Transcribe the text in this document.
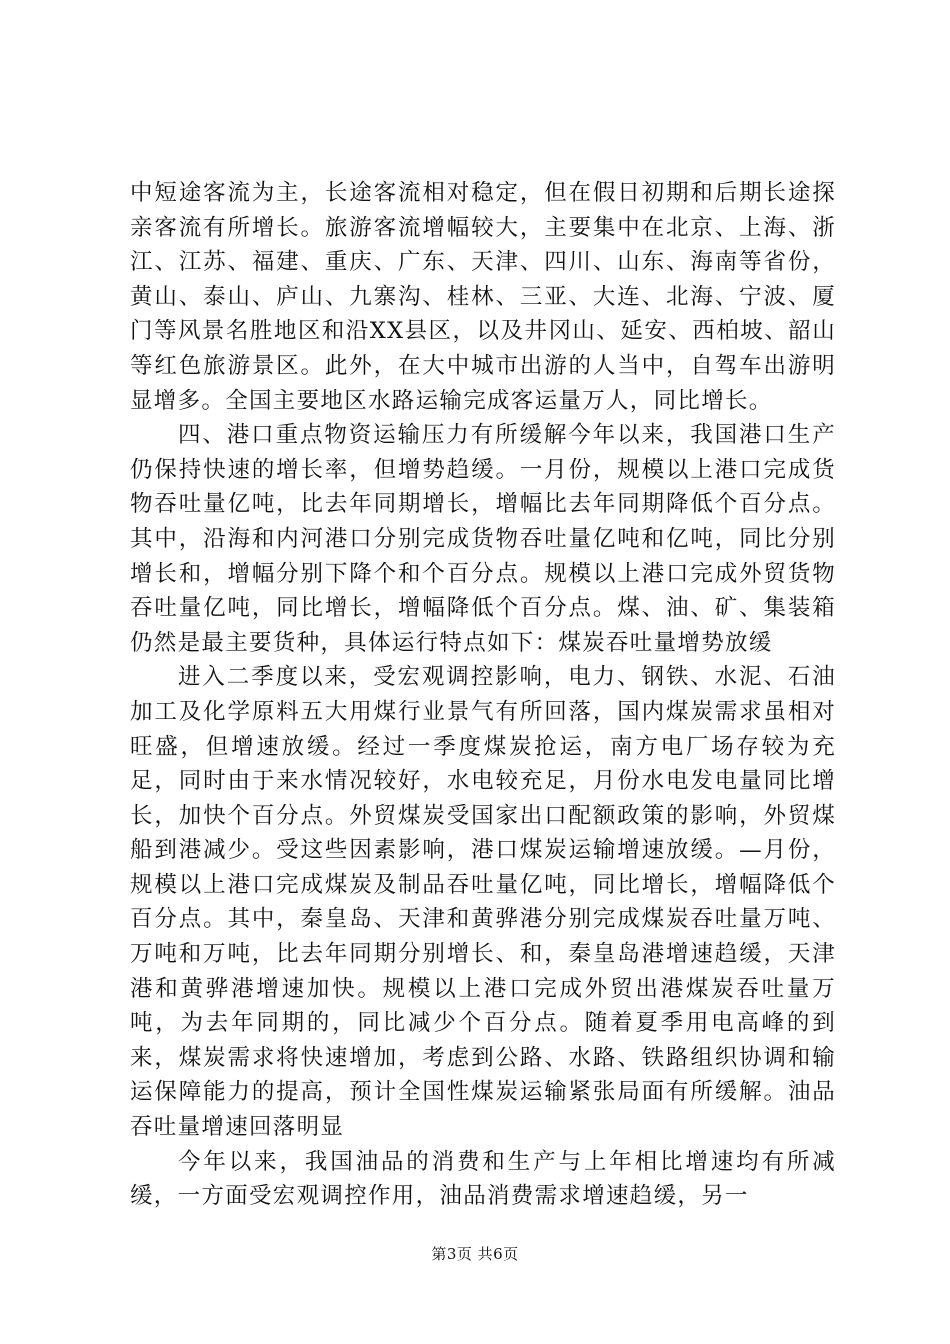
中短途客流为主，长途客流相对稳定，但在假日初期和后期长途探亲客流有所增长。旅游客流增幅较大，主要集中在北京、上海、浙江、江苏、福建、重庆、广东、天津、四川、山东、海南等省份，黄山、泰山、庐山、九寨沟、桂林、三亚、大连、北海、宁波、厦门等风景名胜地区和沿XX县区，以及井冈山、延安、西柏坡、韶山等红色旅游景区。此外，在大中城市出游的人当中，自驾车出游明显增多。全国主要地区水路运输完成客运量万人，同比增长。

四、港口重点物资运输压力有所缓解今年以来，我国港口生产仍保持快速的增长率，但增势趋缓。一月份，规模以上港口完成货物吞吐量亿吨，比去年同期增长，增幅比去年同期降低个百分点。其中，沿海和内河港口分别完成货物吞吐量亿吨和亿吨，同比分别增长和，增幅分别下降个和个百分点。规模以上港口完成外贸货物吞吐量亿吨，同比增长，增幅降低个百分点。煤、油、矿、集装箱仍然是最主要货种，具体运行特点如下：煤炭吞吐量增势放缓

进入二季度以来，受宏观调控影响，电力、钢铁、水泥、石油加工及化学原料五大用煤行业景气有所回落，国内煤炭需求虽相对旺盛，但增速放缓。经过一季度煤炭抢运，南方电厂场存较为充足，同时由于来水情况较好，水电较充足，月份水电发电量同比增长，加快个百分点。外贸煤炭受国家出口配额政策的影响，外贸煤船到港减少。受这些因素影响，港口煤炭运输增速放缓。—月份，规模以上港口完成煤炭及制品吞吐量亿吨，同比增长，增幅降低个百分点。其中，秦皇岛、天津和黄骅港分别完成煤炭吞吐量万吨、万吨和万吨，比去年同期分别增长、和，秦皇岛港增速趋缓，天津港和黄骅港增速加快。规模以上港口完成外贸出港煤炭吞吐量万吨，为去年同期的，同比减少个百分点。随着夏季用电高峰的到来，煤炭需求将快速增加，考虑到公路、水路、铁路组织协调和输运保障能力的提高，预计全国性煤炭运输紧张局面有所缓解。油品吞吐量增速回落明显

今年以来，我国油品的消费和生产与上年相比增速均有所减缓，一方面受宏观调控作用，油品消费需求增速趋缓，另一

第3页 共6页
